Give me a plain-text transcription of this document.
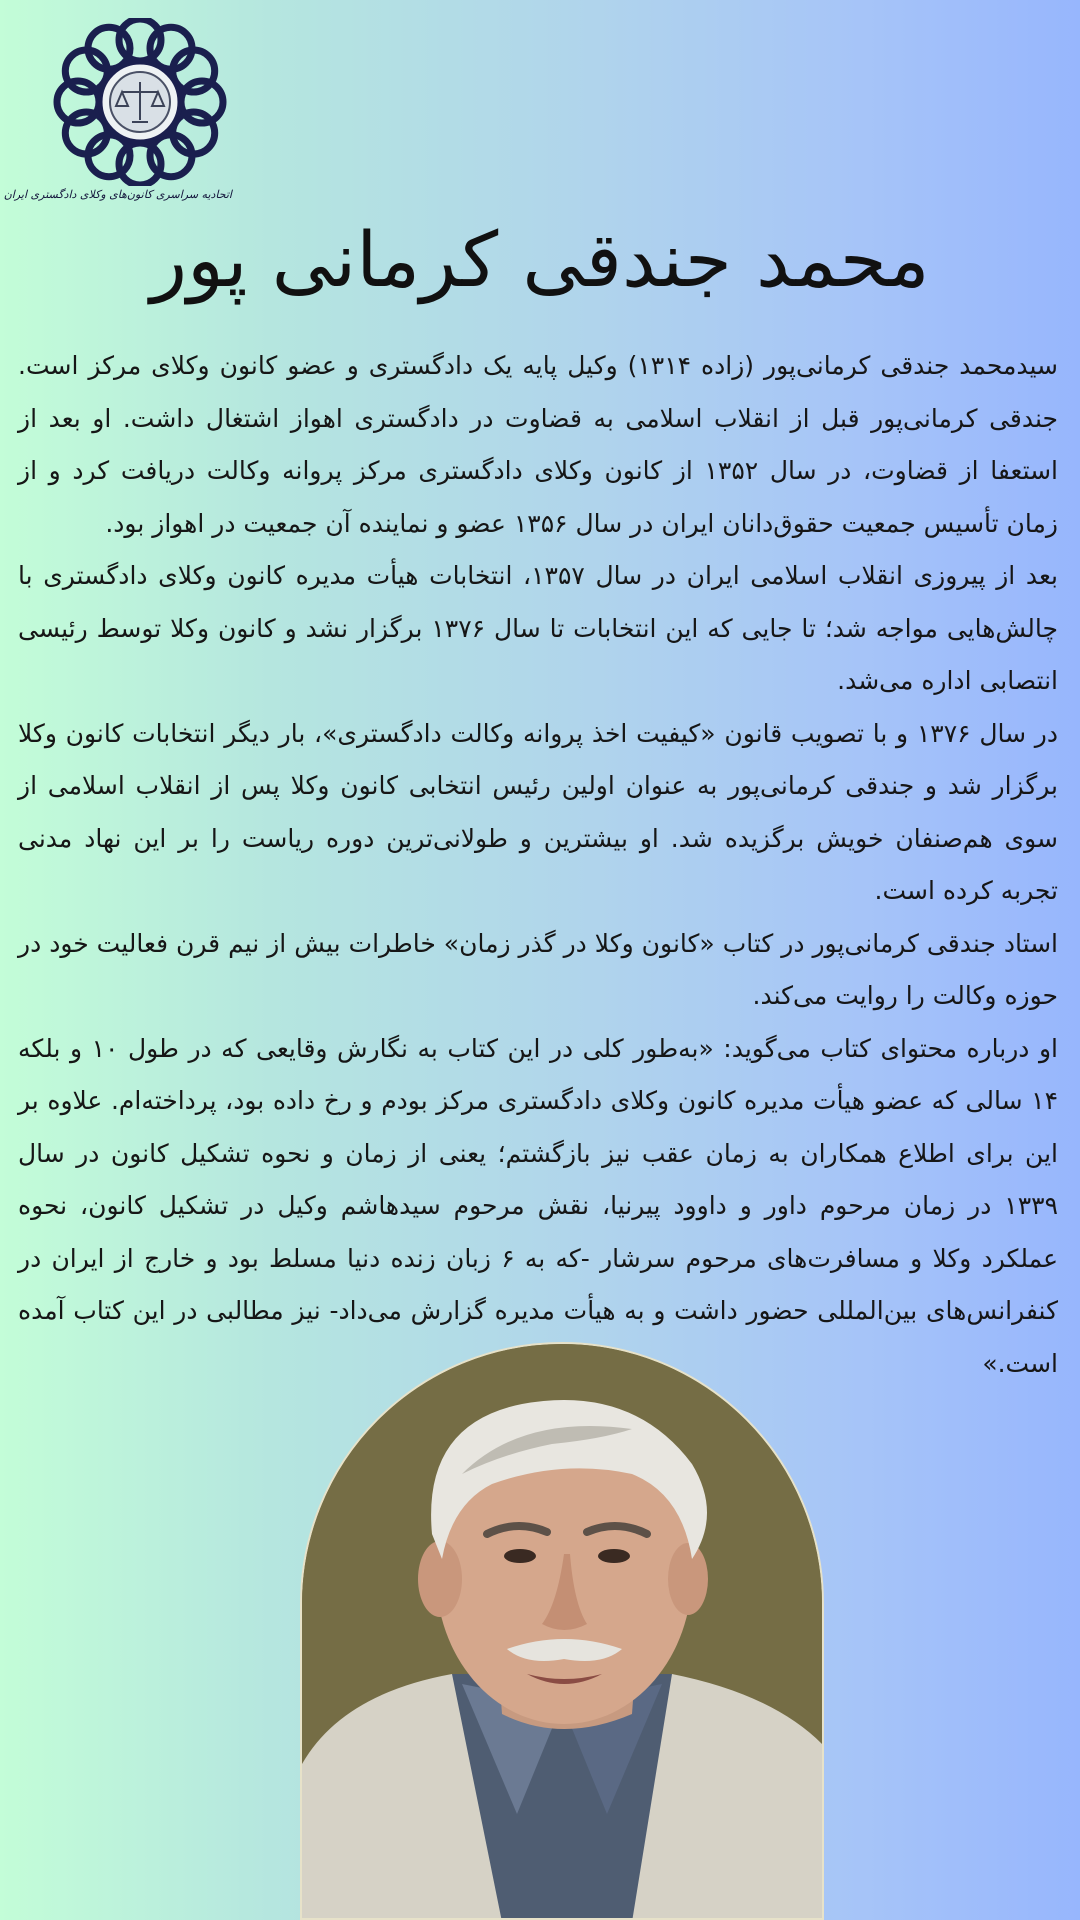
اتحادیه سراسری کانون‌های وکلای دادگستری ایران
محمد جندقی کرمانی پور

سیدمحمد جندقی کرمانی‌پور (زاده ۱۳۱۴) وکیل پایه یک دادگستری و عضو کانون وکلای مرکز است. جندقی کرمانی‌پور قبل از انقلاب اسلامی به قضاوت در دادگستری اهواز اشتغال داشت. او بعد از استعفا از قضاوت، در سال ۱۳۵۲ از کانون وکلای دادگستری مرکز پروانه وکالت دریافت کرد و از زمان تأسیس جمعیت حقوق‌دانان ایران در سال ۱۳۵۶ عضو و نماینده آن جمعیت در اهواز بود.

بعد از پیروزی انقلاب اسلامی ایران در سال ۱۳۵۷، انتخابات هیأت مدیره کانون وکلای دادگستری با چالش‌هایی مواجه شد؛ تا جایی که این انتخابات تا سال ۱۳۷۶ برگزار نشد و کانون وکلا توسط رئیسی انتصابی اداره می‌شد.

در سال ۱۳۷۶ و با تصویب قانون «کیفیت اخذ پروانه وکالت دادگستری»، بار دیگر انتخابات کانون وکلا برگزار شد و جندقی کرمانی‌پور به عنوان اولین رئیس انتخابی کانون وکلا پس از انقلاب اسلامی از سوی هم‌صنفان خویش برگزیده شد. او بیشترین و طولانی‌ترین دوره ریاست را بر این نهاد مدنی تجربه کرده است.

استاد جندقی کرمانی‌پور در کتاب «کانون وکلا در گذر زمان» خاطرات بیش از نیم قرن فعالیت خود در حوزه وکالت را روایت می‌کند.

او درباره محتوای کتاب می‌گوید: «به‌طور کلی در این کتاب به نگارش وقایعی که در طول ۱۰ و بلکه ۱۴ سالی که عضو هیأت مدیره کانون وکلای دادگستری مرکز بودم و رخ داده بود، پرداخته‌ام. علاوه بر این برای اطلاع همکاران به زمان عقب نیز بازگشتم؛ یعنی از زمان و نحوه تشکیل کانون در سال ۱۳۳۹ در زمان مرحوم داور و داوود پیرنیا، نقش مرحوم سیدهاشم وکیل در تشکیل کانون، نحوه عملکرد وکلا و مسافرت‌های مرحوم سرشار -که به ۶ زبان زنده دنیا مسلط بود و خارج از ایران در کنفرانس‌های بین‌المللی حضور داشت و به هیأت مدیره گزارش می‌داد- نیز مطالبی در این کتاب آمده است.»
